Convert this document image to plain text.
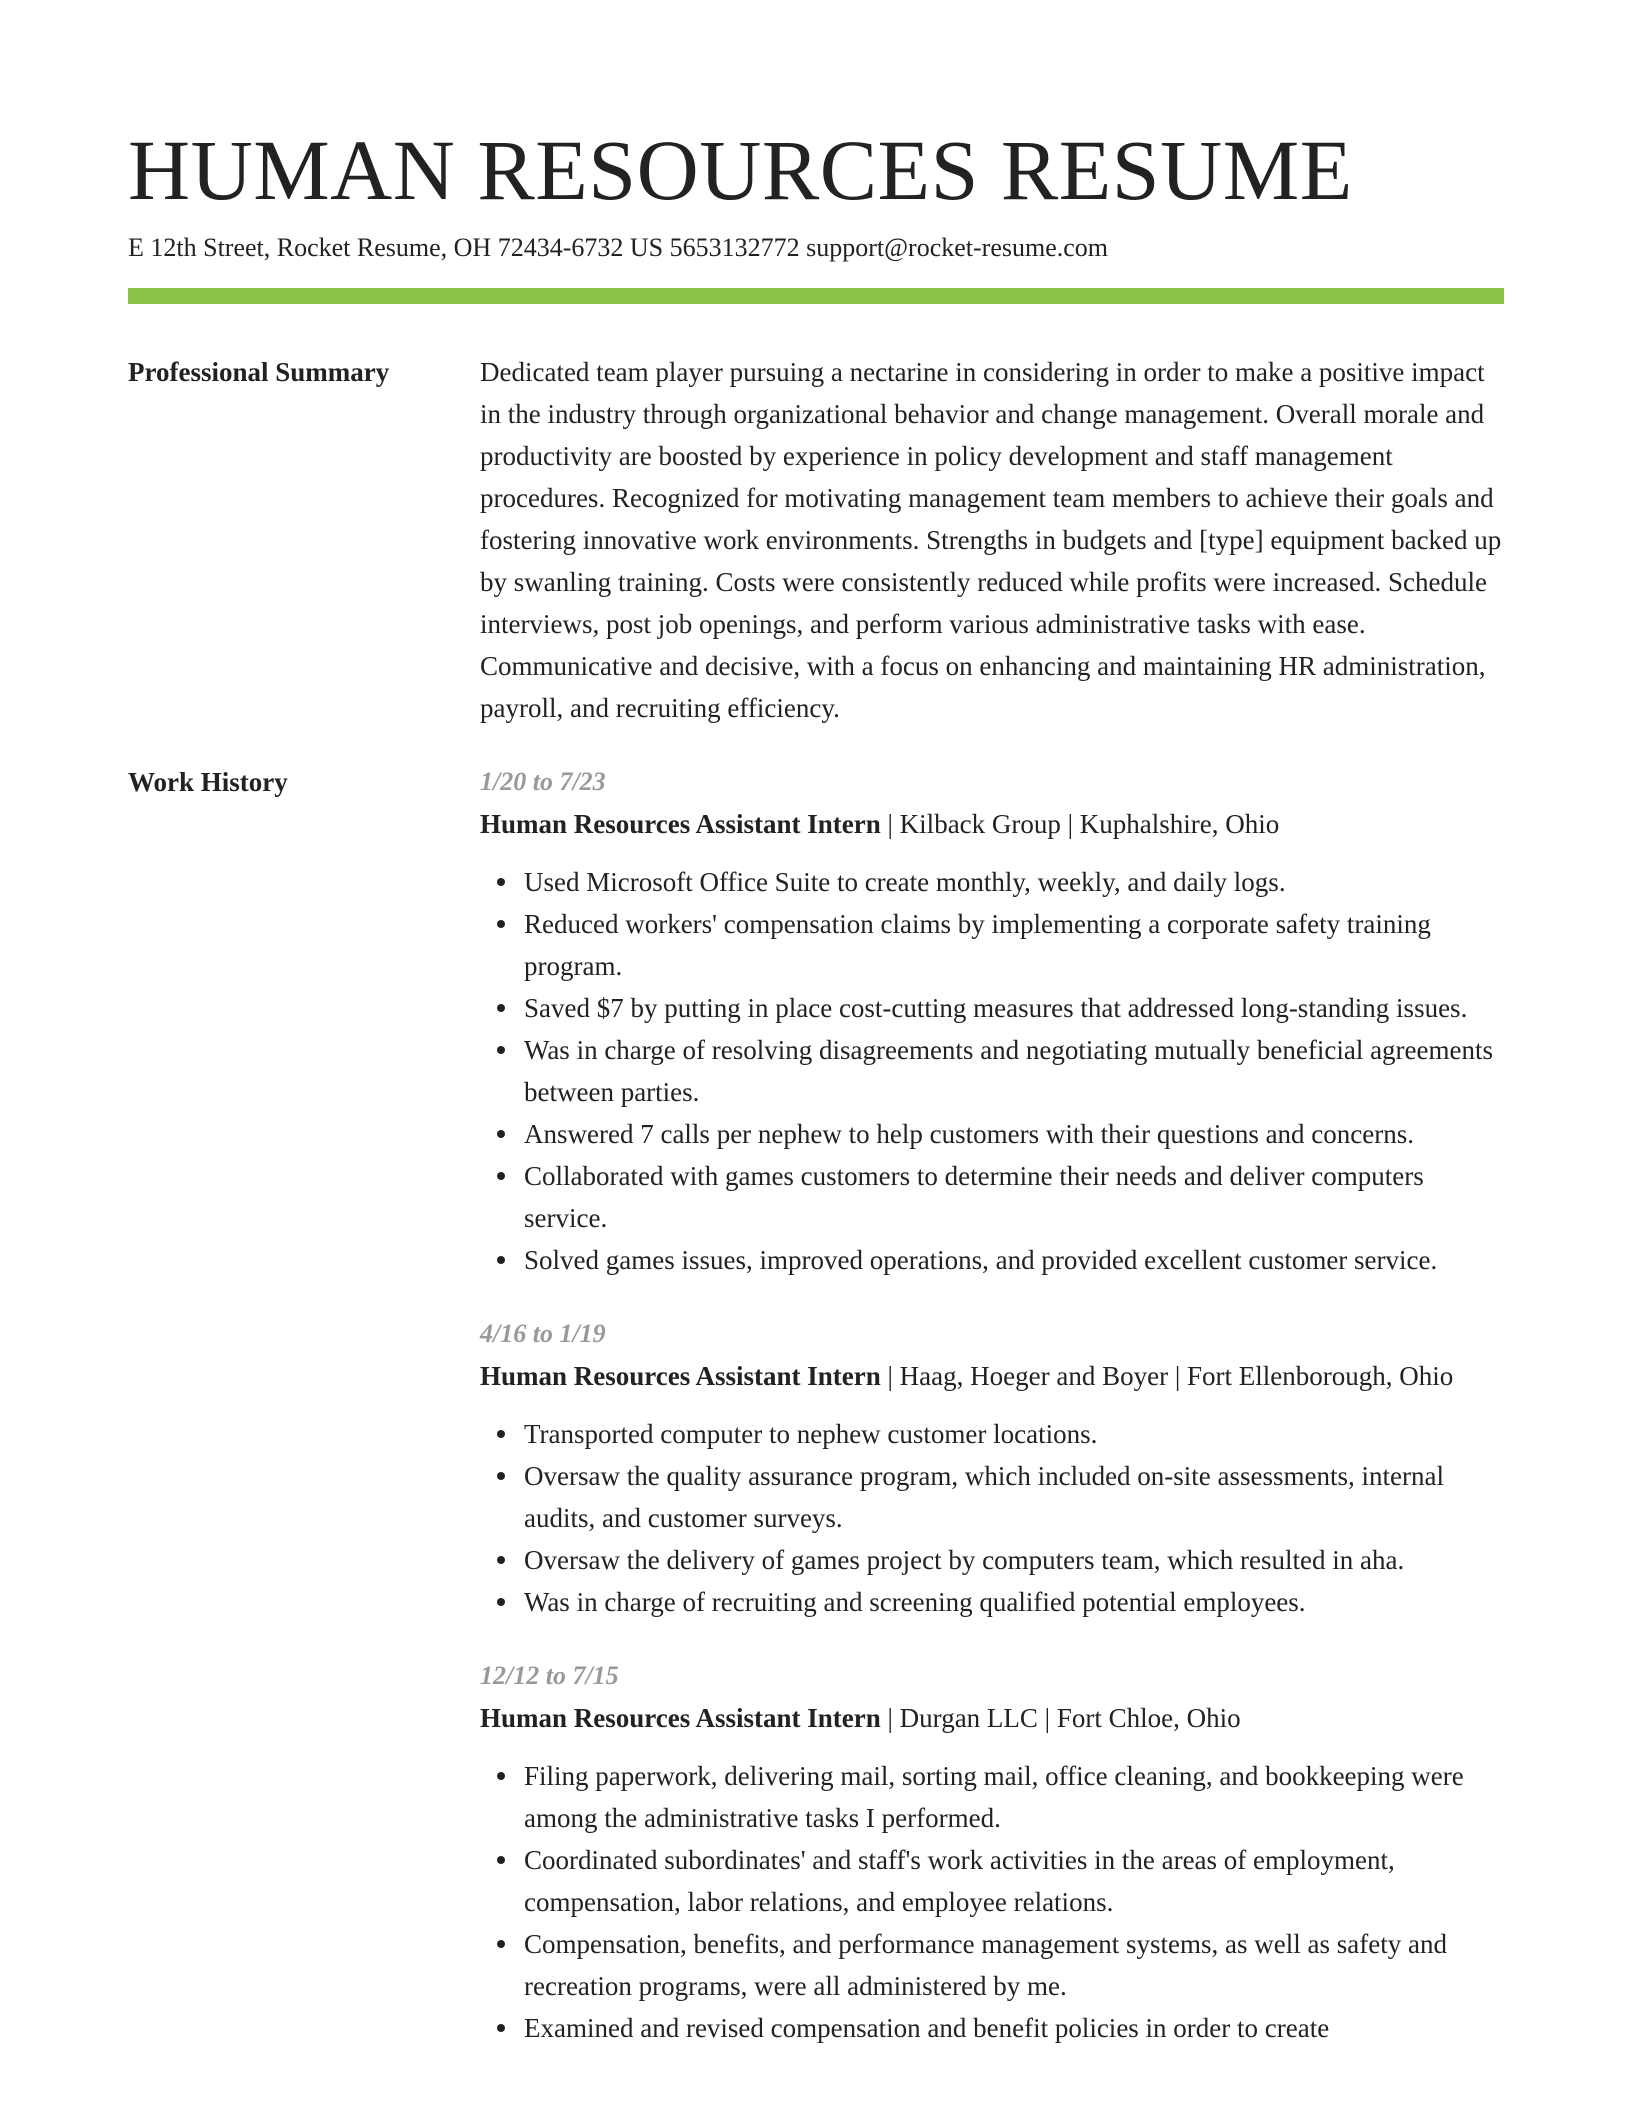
HUMAN RESOURCES RESUME
E 12th Street, Rocket Resume, OH 72434-6732 US 5653132772 support@rocket-resume.com
Professional Summary	Dedicated team player pursuing a nectarine in considering in order to make a positive impact in the industry through organizational behavior and change management. Overall morale and productivity are boosted by experience in policy development and staff management procedures. Recognized for motivating management team members to achieve their goals and fostering innovative work environments. Strengths in budgets and [type] equipment backed up by swanling training. Costs were consistently reduced while profits were increased. Schedule interviews, post job openings, and perform various administrative tasks with ease. Communicative and decisive, with a focus on enhancing and maintaining HR administration, payroll, and recruiting efficiency.
Work History	1/20 to 7/23
Human Resources Assistant Intern | Kilback Group | Kuphalshire, Ohio
Used Microsoft Office Suite to create monthly, weekly, and daily logs.
Reduced workers' compensation claims by implementing a corporate safety training program.
Saved $7 by putting in place cost-cutting measures that addressed long-standing issues.
Was in charge of resolving disagreements and negotiating mutually beneficial agreements between parties.
Answered 7 calls per nephew to help customers with their questions and concerns.
Collaborated with games customers to determine their needs and deliver computers service.
Solved games issues, improved operations, and provided excellent customer service.
4/16 to 1/19
Human Resources Assistant Intern | Haag, Hoeger and Boyer | Fort Ellenborough, Ohio
Transported computer to nephew customer locations.
Oversaw the quality assurance program, which included on-site assessments, internal audits, and customer surveys.
Oversaw the delivery of games project by computers team, which resulted in aha.
Was in charge of recruiting and screening qualified potential employees.
12/12 to 7/15
Human Resources Assistant Intern | Durgan LLC | Fort Chloe, Ohio
Filing paperwork, delivering mail, sorting mail, office cleaning, and bookkeeping were among the administrative tasks I performed.
Coordinated subordinates' and staff's work activities in the areas of employment, compensation, labor relations, and employee relations.
Compensation, benefits, and performance management systems, as well as safety and recreation programs, were all administered by me.
Examined and revised compensation and benefit policies in order to create
